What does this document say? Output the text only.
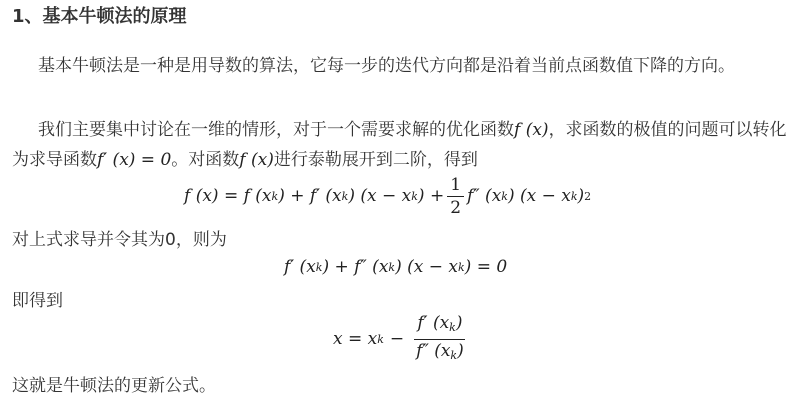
1、基本牛顿法的原理
基本牛顿法是一种是用导数的算法，它每一步的迭代方向都是沿着当前点函数值下降的方向。
我们主要集中讨论在一维的情形，对于一个需要求解的优化函数f (x)，求函数的极值的问题可以转化为求导函数f′ (x) = 0。对函数f (x)进行泰勒展开到二阶，得到
f (x) = f (x k ) + f′ (x k ) (x − x k ) + $\frac{1}{2} f''$ (x k ) (x − x k ) 2
对上式求导并令其为0，则为
f′ (x k ) + f″ (x k ) (x − x k ) = 0
即得到
x = x $k - \frac{f' (x_k)}{f'' (x_k)}$
这就是牛顿法的更新公式。
